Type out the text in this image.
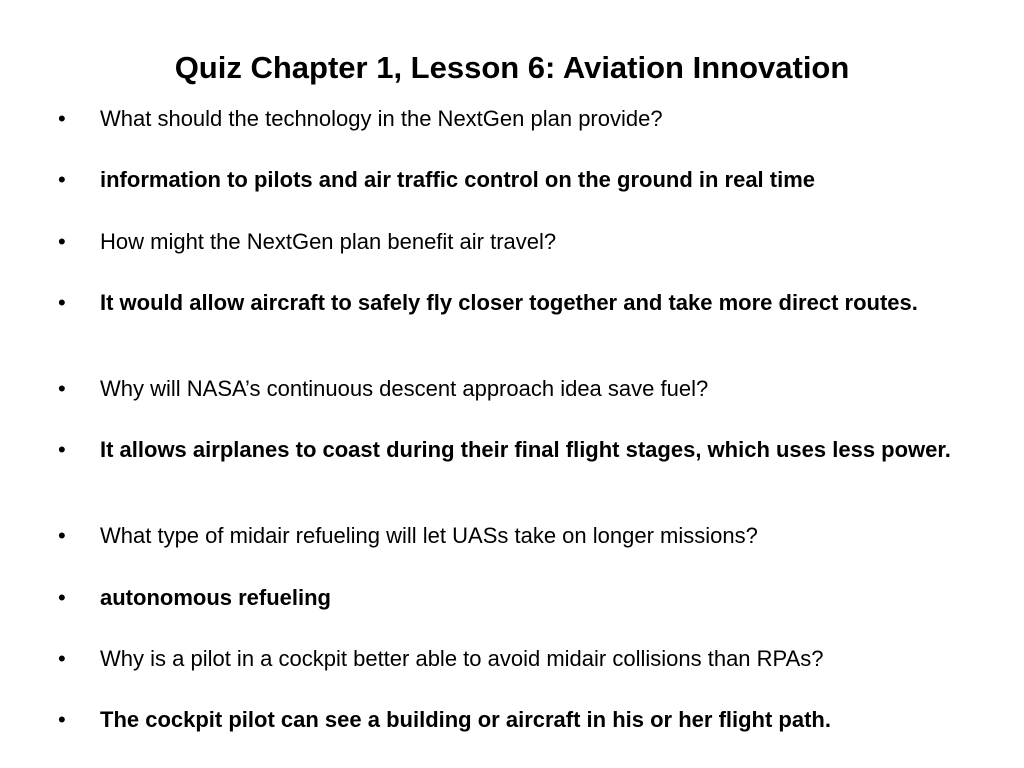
Quiz Chapter 1, Lesson 6: Aviation Innovation
• What should the technology in the NextGen plan provide?
• information to pilots and air traffic control on the ground in real time
• How might the NextGen plan benefit air travel?
• It would allow aircraft to safely fly closer together and take more direct routes.
• Why will NASA’s continuous descent approach idea save fuel?
• It allows airplanes to coast during their final flight stages, which uses less power.
• What type of midair refueling will let UASs take on longer missions?
• autonomous refueling
• Why is a pilot in a cockpit better able to avoid midair collisions than RPAs?
• The cockpit pilot can see a building or aircraft in his or her flight path.
